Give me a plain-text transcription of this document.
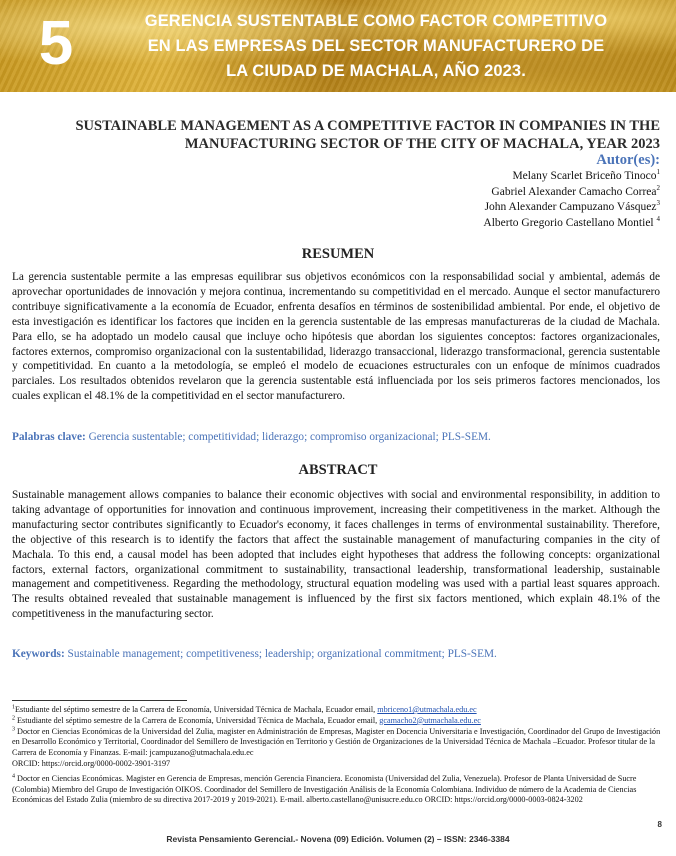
5	GERENCIA SUSTENTABLE COMO FACTOR COMPETITIVO
EN LAS EMPRESAS DEL SECTOR MANUFACTURERO DE
LA CIUDAD DE MACHALA, AÑO 2023.
SUSTAINABLE MANAGEMENT AS A COMPETITIVE FACTOR IN COMPANIES IN THE
MANUFACTURING SECTOR OF THE CITY OF MACHALA, YEAR 2023
Autor(es):
Melany Scarlet Briceño Tinoco$^1$
Gabriel Alexander Camacho Correa$^2$
John Alexander Campuzano Vásquez$^3$
Alberto Gregorio Castellano Montiel $^4$
RESUMEN
La gerencia sustentable permite a las empresas equilibrar sus objetivos económicos con la responsabilidad social y ambiental, además de aprovechar oportunidades de innovación y mejora continua, incrementando su competitividad en el mercado. Aunque el sector manufacturero contribuye significativamente a la economía de Ecuador, enfrenta desafíos en términos de sostenibilidad ambiental. Por ende, el objetivo de esta investigación es identificar los factores que inciden en la gerencia sustentable de las empresas manufactureras de la ciudad de Machala. Para ello, se ha adoptado un modelo causal que incluye ocho hipótesis que abordan los siguientes conceptos: factores organizacionales, factores externos, compromiso organizacional con la sustentabilidad, liderazgo transaccional, liderazgo transformacional, gerencia sustentable y competitividad. En cuanto a la metodología, se empleó el modelo de ecuaciones estructurales con un enfoque de mínimos cuadrados parciales. Los resultados obtenidos revelaron que la gerencia sustentable está influenciada por los seis primeros factores mencionados, los cuales explican el 48.1% de la competitividad en el sector manufacturero.
Palabras clave: Gerencia sustentable; competitividad; liderazgo; compromiso organizacional; PLS-SEM.
ABSTRACT
Sustainable management allows companies to balance their economic objectives with social and environmental responsibility, in addition to taking advantage of opportunities for innovation and continuous improvement, increasing their competitiveness in the market. Although the manufacturing sector contributes significantly to Ecuador's economy, it faces challenges in terms of environmental sustainability. Therefore, the objective of this research is to identify the factors that affect the sustainable management of manufacturing companies in the city of Machala. To this end, a causal model has been adopted that includes eight hypotheses that address the following concepts: organizational factors, external factors, organizational commitment to sustainability, transactional leadership, transformational leadership, sustainable management and competitiveness. Regarding the methodology, structural equation modeling was used with a partial least squares approach. The results obtained revealed that sustainable management is influenced by the first six factors mentioned, which explain 48.1% of the competitiveness in the manufacturing sector.
Keywords: Sustainable management; competitiveness; leadership; organizational commitment; PLS-SEM.

$^1$Estudiante del séptimo semestre de la Carrera de Economía, Universidad Técnica de Machala, Ecuador email, mbriceno1@utmachala.edu.ec

$^2$ Estudiante del séptimo semestre de la Carrera de Economía, Universidad Técnica de Machala, Ecuador email, gcamacho2@utmachala.edu.ec

$^3$ Doctor en Ciencias Económicas de la Universidad del Zulia, magister en Administración de Empresas, Magister en Docencia Universitaria e Investigación, Coordinador del Grupo de Investigación en Desarrollo Económico y Territorial, Coordinador del Semillero de Investigación en Territorio y Gestión de Organizaciones de la Universidad Técnica de Machala –Ecuador. Profesor titular de la Carrera de Economía y Finanzas. E-mail: jcampuzano@utmachala.edu.ec

ORCID: https://orcid.org/0000-0002-3901-3197

$^4$ Doctor en Ciencias Económicas. Magister en Gerencia de Empresas, mención Gerencia Financiera. Economista (Universidad del Zulia, Venezuela). Profesor de Planta Universidad de Sucre (Colombia) Miembro del Grupo de Investigación OIKOS. Coordinador del Semillero de Investigación Análisis de la Economía Colombiana. Individuo de número de la Academia de Ciencias Económicas del Estado Zulia (miembro de su directiva 2017-2019 y 2019-2021). E-mail. alberto.castellano@unisucre.edu.co ORCID: https://orcid.org/0000-0003-0824-3202

8
Revista Pensamiento Gerencial.- Novena (09) Edición. Volumen (2) – ISSN: 2346-3384
